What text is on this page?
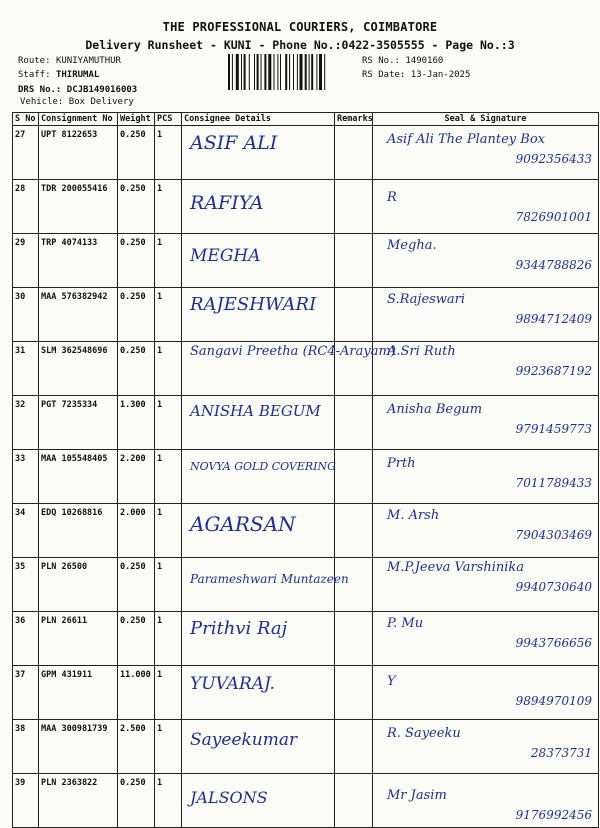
THE PROFESSIONAL COURIERS, COIMBATORE
Delivery Runsheet - KUNI - Phone No.:0422-3505555 - Page No.:3
Route: KUNIYAMUTHUR
Staff: THIRUMAL
DRS No.: DCJB149016003
Vehicle: Box Delivery
RS No.: 1490160
RS Date: 13-Jan-2025
S No	Consignment No	Weight	PCS	Consignee Details	Remarks	Seal & Signature
27	UPT 8122653	0.250	1	ASIF ALI		Asif Ali The Plantey Box
9092356433

28	TDR 200055416	0.250	1	RAFIYA		R
7826901001

29	TRP 4074133	0.250	1	MEGHA		Megha.
9344788826

30	MAA 576382942	0.250	1	RAJESHWARI		S.Rajeswari
9894712409

31	SLM 362548696	0.250	1	Sangavi Preetha (RC4-Arayam)		A.Sri Ruth
9923687192

32	PGT 7235334	1.300	1	ANISHA BEGUM		Anisha Begum
9791459773

33	MAA 105548405	2.200	1	NOVYA GOLD COVERING		Prth
7011789433

34	EDQ 10268816	2.000	1	AGARSAN		M. Arsh
7904303469

35	PLN 26500	0.250	1	Parameshwari Muntazeen		M.P.Jeeva Varshinika
9940730640

36	PLN 26611	0.250	1	Prithvi Raj		P. Mu
9943766656

37	GPM 431911	11.000	1	YUVARAJ.		Y
9894970109

38	MAA 300981739	2.500	1	Sayeekumar		R. Sayeeku
28373731

39	PLN 2363822	0.250	1	JALSONS		Mr Jasim
9176992456
